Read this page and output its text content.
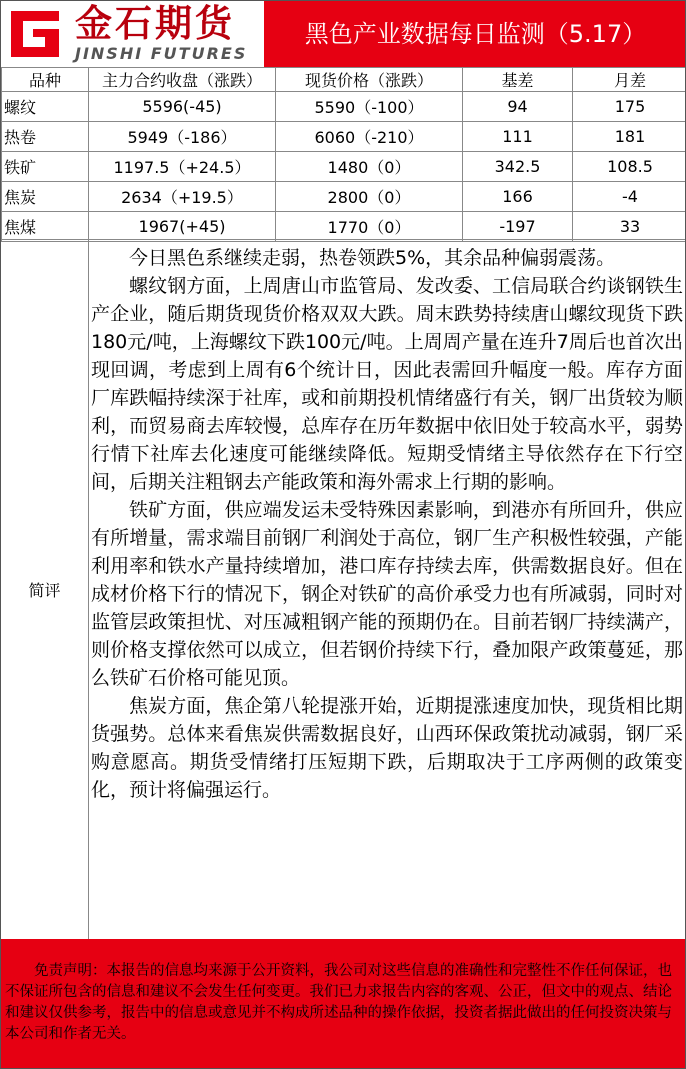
金石期货
JINSHI FUTURES
黑色产业数据每日监测（5.17）
品种	主力合约收盘（涨跌）	现货价格（涨跌）	基差	月差
螺纹	5596(-45)	5590（-100）	94	175
热卷	5949（-186）	6060（-210）	111	181
铁矿	1197.5（+24.5）	1480（0）	342.5	108.5
焦炭	2634（+19.5）	2800（0）	166	-4
焦煤	1967(+45)	1770（0）	-197	33
简评

今日黑色系继续走弱，热卷领跌5%，其余品种偏弱震荡。

螺纹钢方面，上周唐山市监管局、发改委、工信局联合约谈钢铁生产企业，随后期货现货价格双双大跌。周末跌势持续唐山螺纹现货下跌180元/吨，上海螺纹下跌100元/吨。上周周产量在连升7周后也首次出现回调，考虑到上周有6个统计日，因此表需回升幅度一般。库存方面厂库跌幅持续深于社库，或和前期投机情绪盛行有关，钢厂出货较为顺利，而贸易商去库较慢，总库存在历年数据中依旧处于较高水平，弱势行情下社库去化速度可能继续降低。短期受情绪主导依然存在下行空间，后期关注粗钢去产能政策和海外需求上行期的影响。

铁矿方面，供应端发运未受特殊因素影响，到港亦有所回升，供应有所增量，需求端目前钢厂利润处于高位，钢厂生产积极性较强，产能利用率和铁水产量持续增加，港口库存持续去库，供需数据良好。但在成材价格下行的情况下，钢企对铁矿的高价承受力也有所减弱，同时对监管层政策担忧、对压减粗钢产能的预期仍在。目前若钢厂持续满产，则价格支撑依然可以成立，但若钢价持续下行，叠加限产政策蔓延，那么铁矿石价格可能见顶。

焦炭方面，焦企第八轮提涨开始，近期提涨速度加快，现货相比期货强势。总体来看焦炭供需数据良好，山西环保政策扰动减弱，钢厂采购意愿高。期货受情绪打压短期下跌，后期取决于工序两侧的政策变化，预计将偏强运行。

免责声明：本报告的信息均来源于公开资料，我公司对这些信息的准确性和完整性不作任何保证，也不保证所包含的信息和建议不会发生任何变更。我们已力求报告内容的客观、公正，但文中的观点、结论和建议仅供参考，报告中的信息或意见并不构成所述品种的操作依据，投资者据此做出的任何投资决策与本公司和作者无关。
